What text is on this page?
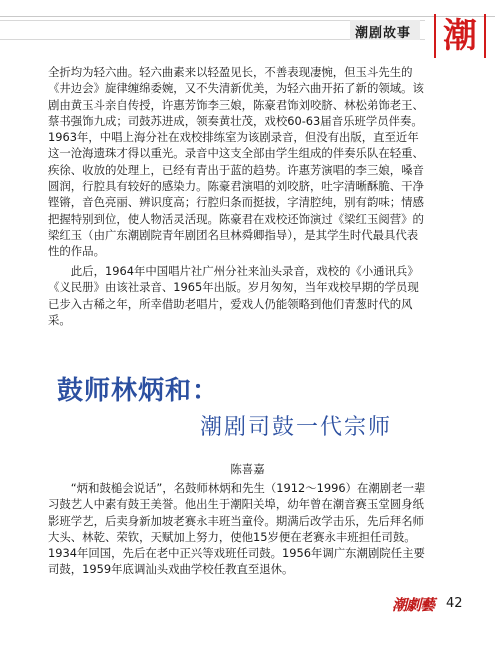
潮剧故事 潮

全折均为轻六曲。轻六曲素来以轻盈见长，不善表现凄惋，但玉斗先生的
《井边会》旋律缠绵委婉，又不失清新优美，为轻六曲开拓了新的领域。该
剧由黄玉斗亲自传授，许惠芳饰李三娘，陈豪君饰刘咬脐、林松弟饰老王、
蔡书强饰九成；司鼓苏进成，领奏黄壮茂，戏校60-63届音乐班学员伴奏。
1963年，中唱上海分社在戏校排练室为该剧录音，但没有出版，直至近年
这一沧海遗珠才得以重光。录音中这支全部由学生组成的伴奏乐队在轻重、
疾徐、收放的处理上，已经有青出于蓝的趋势。许惠芳演唱的李三娘，嗓音
圆润，行腔具有较好的感染力。陈豪君演唱的刘咬脐，吐字清晰酥脆、干净
铿锵，音色亮丽、辨识度高；行腔归条而挺拔，字清腔纯，别有韵味；情感
把握特别到位，使人物活灵活现。陈豪君在戏校还饰演过《梁红玉阅营》的
梁红玉（由广东潮剧院青年剧团名旦林舜卿指导），是其学生时代最具代表
性的作品。

　　此后，1964年中国唱片社广州分社来汕头录音，戏校的《小通讯兵》
《义民册》由该社录音、1965年出版。岁月匆匆，当年戏校早期的学员现
已步入古稀之年，所幸借助老唱片，爱戏人仍能领略到他们青葱时代的风
采。

鼓师林炳和：
潮剧司鼓一代宗师
陈喜嘉

　　“炳和鼓槌会说话”，名鼓师林炳和先生（1912～1996）在潮剧老一辈
习鼓艺人中素有鼓王美誉。他出生于潮阳关埠，幼年曾在潮音赛玉堂圆身纸
影班学艺，后卖身新加坡老赛永丰班当童伶。期满后改学击乐，先后拜名师
大头、林乾、荣钦，天赋加上努力，使他15岁便在老赛永丰班担任司鼓。
1934年回国，先后在老中正兴等戏班任司鼓。1956年调广东潮剧院任主要
司鼓，1959年底调汕头戏曲学校任教直至退休。

潮劇藝 42
